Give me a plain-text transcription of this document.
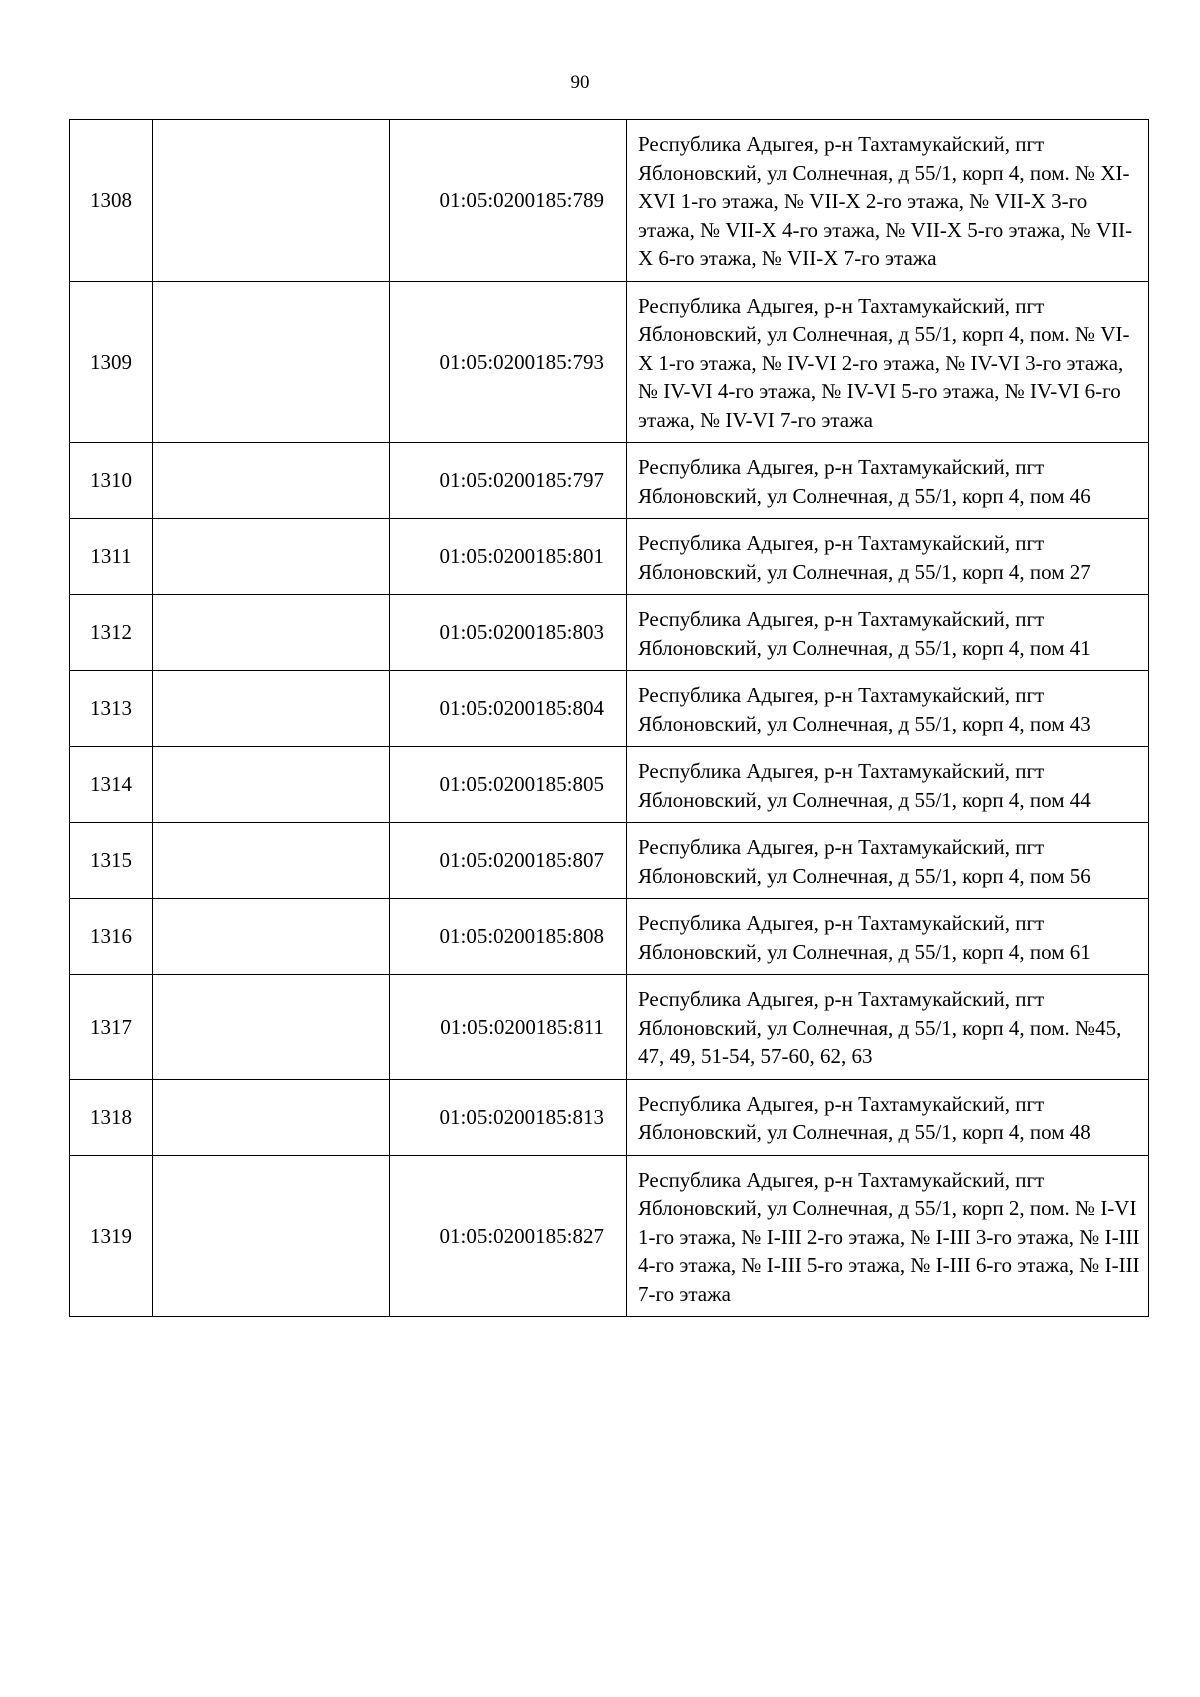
90
1308		01:05:0200185:789	Республика Адыгея, р-н Тахтамукайский, пгт Яблоновский, ул Солнечная, д 55/1, корп 4, пом. № XI-XVI 1-го этажа, № VII-X 2-го этажа, № VII-X 3-го этажа, № VII-X 4-го этажа, № VII-X 5-го этажа, № VII-X 6-го этажа, № VII-X 7-го этажа
1309		01:05:0200185:793	Республика Адыгея, р-н Тахтамукайский, пгт Яблоновский, ул Солнечная, д 55/1, корп 4, пом. № VI-X 1-го этажа, № IV-VI 2-го этажа, № IV-VI 3-го этажа, № IV-VI 4-го этажа, № IV-VI 5-го этажа, № IV-VI 6-го этажа, № IV-VI 7-го этажа
1310		01:05:0200185:797	Республика Адыгея, р-н Тахтамукайский, пгт Яблоновский, ул Солнечная, д 55/1, корп 4, пом 46
1311		01:05:0200185:801	Республика Адыгея, р-н Тахтамукайский, пгт Яблоновский, ул Солнечная, д 55/1, корп 4, пом 27
1312		01:05:0200185:803	Республика Адыгея, р-н Тахтамукайский, пгт Яблоновский, ул Солнечная, д 55/1, корп 4, пом 41
1313		01:05:0200185:804	Республика Адыгея, р-н Тахтамукайский, пгт Яблоновский, ул Солнечная, д 55/1, корп 4, пом 43
1314		01:05:0200185:805	Республика Адыгея, р-н Тахтамукайский, пгт Яблоновский, ул Солнечная, д 55/1, корп 4, пом 44
1315		01:05:0200185:807	Республика Адыгея, р-н Тахтамукайский, пгт Яблоновский, ул Солнечная, д 55/1, корп 4, пом 56
1316		01:05:0200185:808	Республика Адыгея, р-н Тахтамукайский, пгт Яблоновский, ул Солнечная, д 55/1, корп 4, пом 61
1317		01:05:0200185:811	Республика Адыгея, р-н Тахтамукайский, пгт Яблоновский, ул Солнечная, д 55/1, корп 4, пом. №45, 47, 49, 51-54, 57-60, 62, 63
1318		01:05:0200185:813	Республика Адыгея, р-н Тахтамукайский, пгт Яблоновский, ул Солнечная, д 55/1, корп 4, пом 48
1319		01:05:0200185:827	Республика Адыгея, р-н Тахтамукайский, пгт Яблоновский, ул Солнечная, д 55/1, корп 2, пом. № I-VI 1-го этажа, № I-III 2-го этажа, № I-III 3-го этажа, № I-III 4-го этажа, № I-III 5-го этажа, № I-III 6-го этажа, № I-III 7-го этажа
